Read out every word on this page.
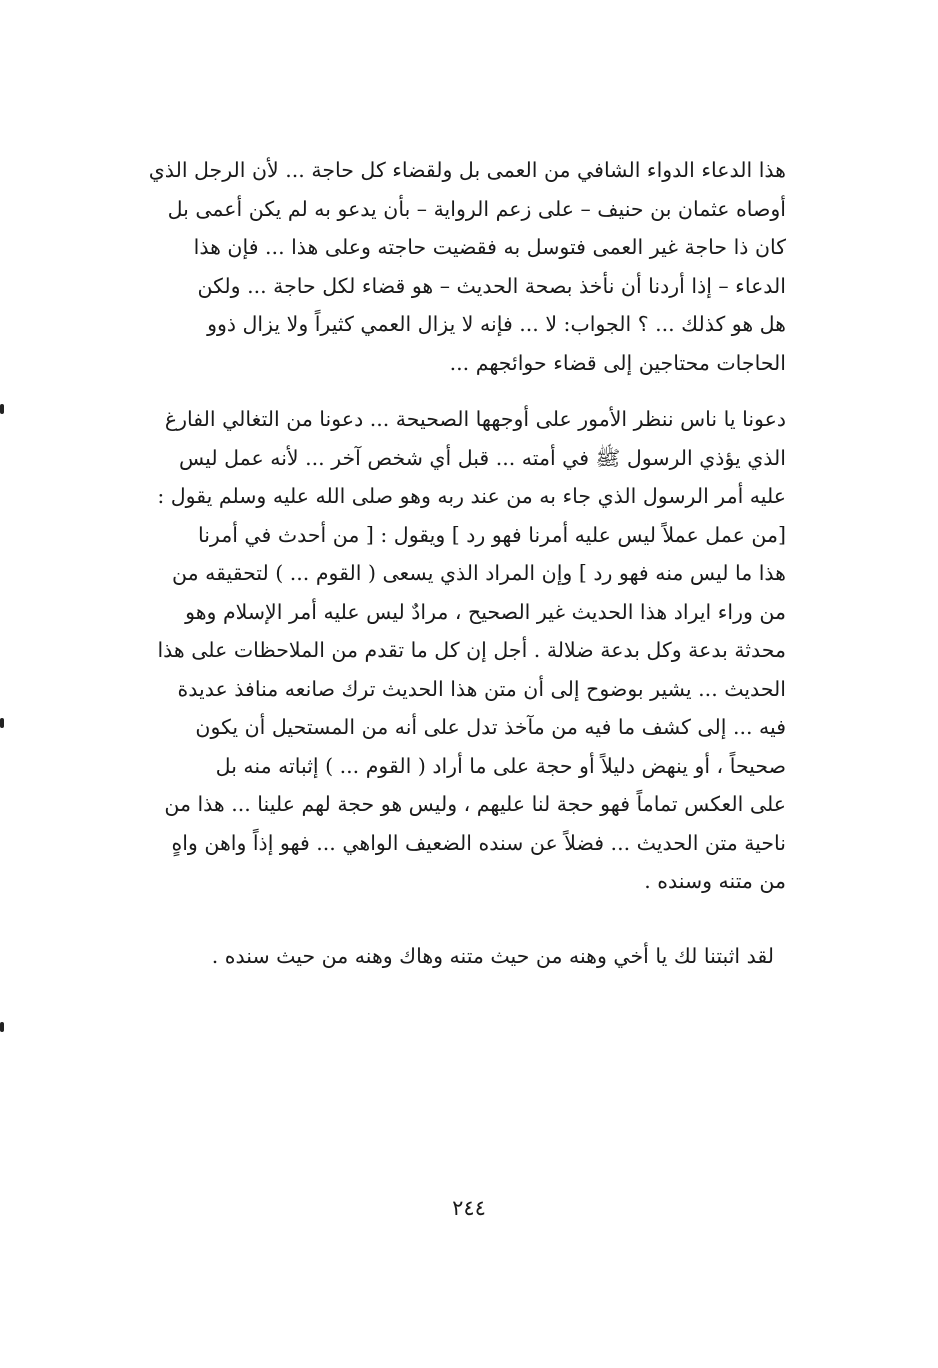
هذا الدعاء الدواء الشافي من العمى بل ولقضاء كل حاجة ... لأن الرجل الذي
أوصاه عثمان بن حنيف – على زعم الرواية – بأن يدعو به لم يكن أعمى بل
كان ذا حاجة غير العمى فتوسل به فقضيت حاجته وعلى هذا ... فإن هذا
الدعاء – إذا أردنا أن نأخذ بصحة الحديث – هو قضاء لكل حاجة ... ولكن
هل هو كذلك ... ؟ الجواب: لا ... فإنه لا يزال العمي كثيراً ولا يزال ذوو
الحاجات محتاجين إلى قضاء حوائجهم ...
دعونا يا ناس ننظر الأمور على أوجهها الصحيحة ... دعونا من التغالي الفارغ
الذي يؤذي الرسول ﷺ في أمته ... قبل أي شخص آخر ... لأنه عمل ليس
عليه أمر الرسول الذي جاء به من عند ربه وهو صلى الله عليه وسلم يقول :
[من عمل عملاً ليس عليه أمرنا فهو رد ] ويقول : [ من أحدث في أمرنا
هذا ما ليس منه فهو رد ] وإن المراد الذي يسعى ( القوم ... ) لتحقيقه من
من وراء ايراد هذا الحديث غير الصحيح ، مرادٌ ليس عليه أمر الإسلام وهو
محدثة بدعة وكل بدعة ضلالة . أجل إن كل ما تقدم من الملاحظات على هذا
الحديث ... يشير بوضوح إلى أن متن هذا الحديث ترك صانعه منافذ عديدة
فيه ... إلى كشف ما فيه من مآخذ تدل على أنه من المستحيل أن يكون
صحيحاً ، أو ينهض دليلاً أو حجة على ما أراد ( القوم ... ) إثباته منه بل
على العكس تماماً فهو حجة لنا عليهم ، وليس هو حجة لهم علينا ... هذا من
ناحية متن الحديث ... فضلاً عن سنده الضعيف الواهي ... فهو إذاً واهن واهٍ
من متنه وسنده .
لقد اثبتنا لك يا أخي وهنه من حيث متنه وهاك وهنه من حيث سنده .
٢٤٤
